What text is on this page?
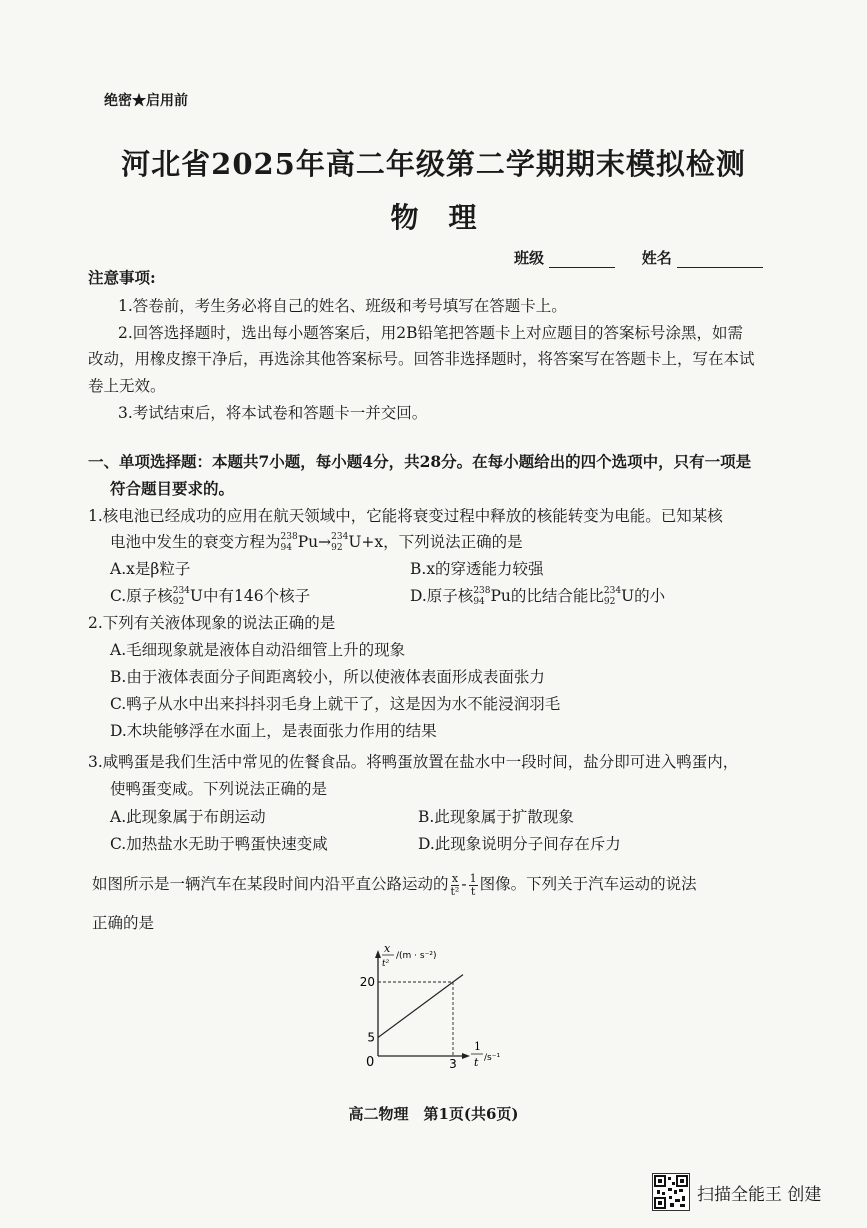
绝密★启用前
河北省2025年高二年级第二学期期末模拟检测
物理
班级	姓名
注意事项:
1.答卷前，考生务必将自己的姓名、班级和考号填写在答题卡上。
2.回答选择题时，选出每小题答案后，用2B铅笔把答题卡上对应题目的答案标号涂黑，如需
改动，用橡皮擦干净后，再选涂其他答案标号。回答非选择题时，将答案写在答题卡上，写在本试
卷上无效。
3.考试结束后，将本试卷和答题卡一并交回。
一、单项选择题：本题共7小题，每小题4分，共28分。在每小题给出的四个选项中，只有一项是
符合题目要求的。
1.核电池已经成功的应用在航天领域中，它能将衰变过程中释放的核能转变为电能。已知某核
电池中发生的衰变方程为$^{238}$
94 Pu→$^{234}$
92 U+x，下列说法正确的是
A.x是β粒子	B.x的穿透能力较强
C.原子核$^{234}$
92 U中有146个核子	D.原子核$^{238}$
94 Pu的比结合能比$^{234}$
92 U的小
2.下列有关液体现象的说法正确的是
A.毛细现象就是液体自动沿细管上升的现象
B.由于液体表面分子间距离较小，所以使液体表面形成表面张力
C.鸭子从水中出来抖抖羽毛身上就干了，这是因为水不能浸润羽毛
D.木块能够浮在水面上，是表面张力作用的结果
3.咸鸭蛋是我们生活中常见的佐餐食品。将鸭蛋放置在盐水中一段时间，盐分即可进入鸭蛋内，
使鸭蛋变咸。下列说法正确的是
A.此现象属于布朗运动	B.此现象属于扩散现象
C.加热盐水无助于鸭蛋快速变咸	D.此现象说明分子间存在斥力
如图所示是一辆汽车在某段时间内沿平直公路运动的 $\frac{x}{\text{t²}} - \frac{1}{t}$ 图像。下列关于汽车运动的说法
正确的是
5
20
3
x
t²
/(m · s⁻²)
1
t /s⁻¹
0
高二物理　第1页(共6页)
扫描全能王 创建
